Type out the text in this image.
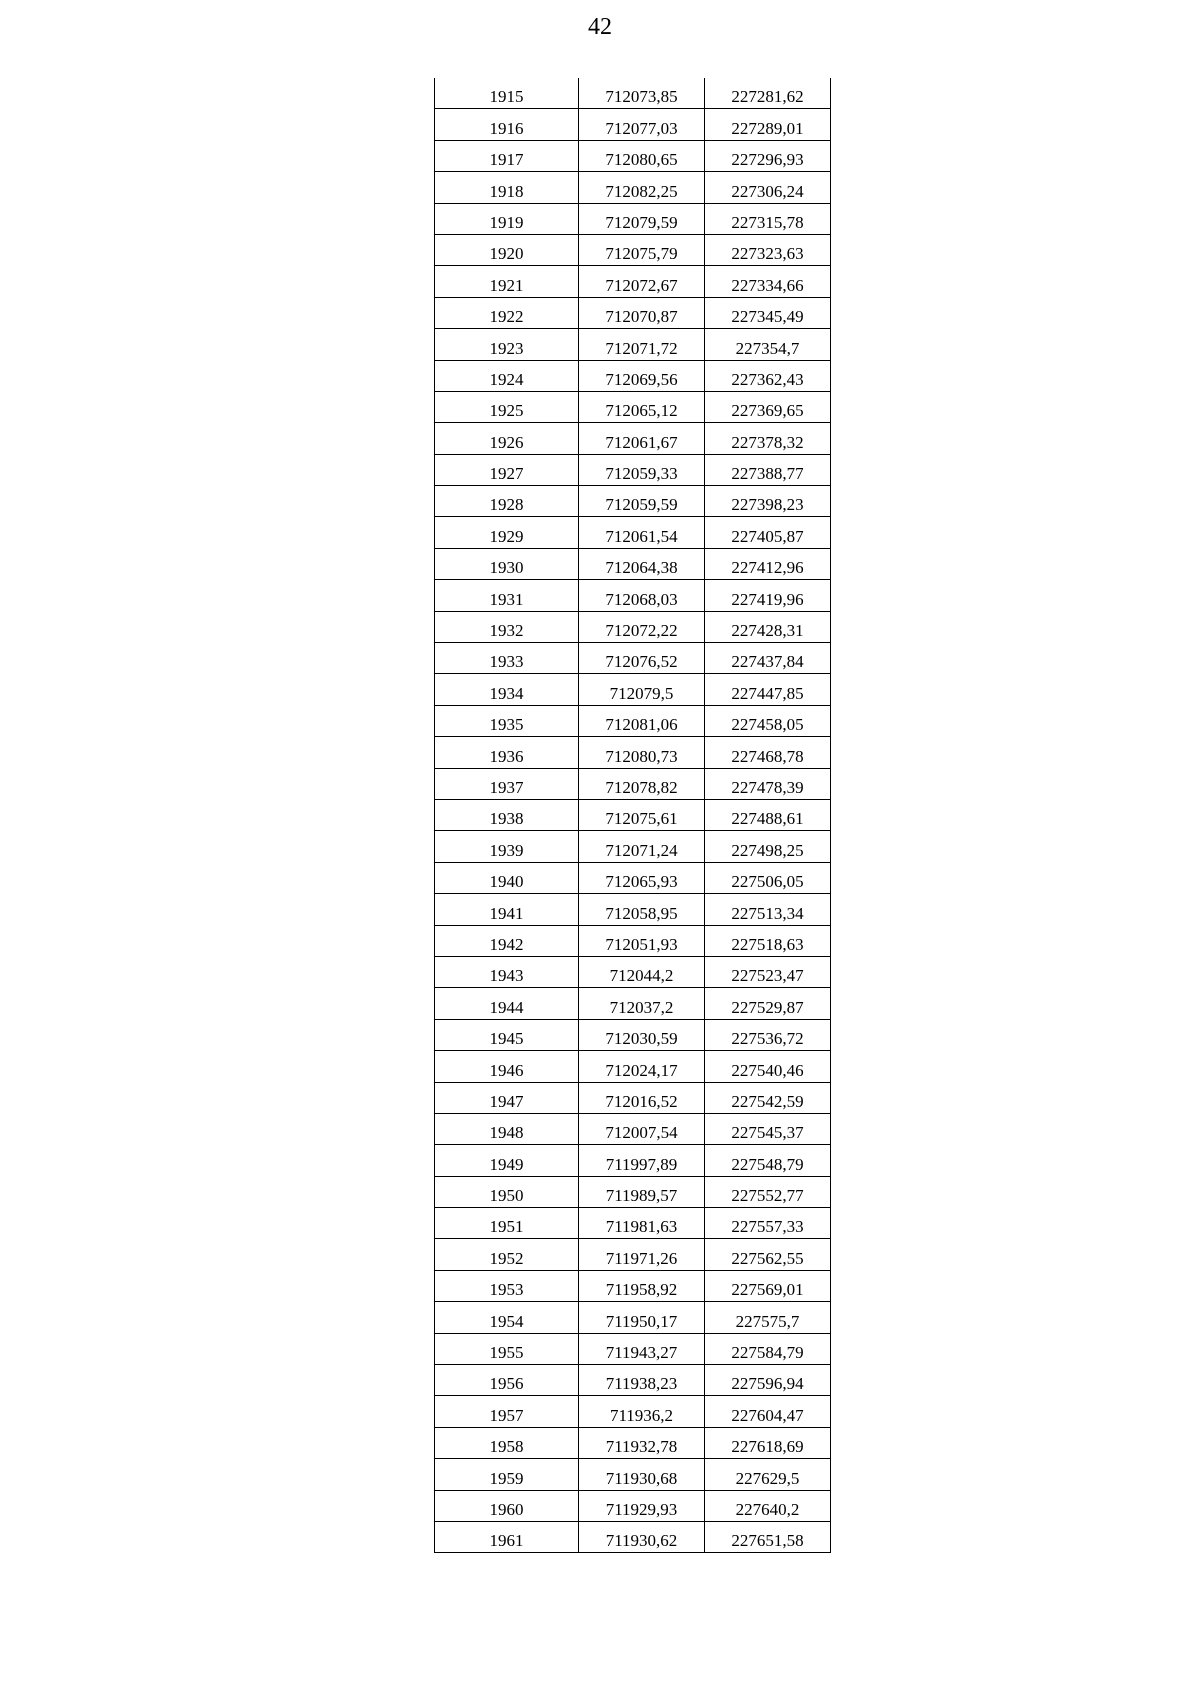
42
1915	712073,85	227281,62
1916	712077,03	227289,01
1917	712080,65	227296,93
1918	712082,25	227306,24
1919	712079,59	227315,78
1920	712075,79	227323,63
1921	712072,67	227334,66
1922	712070,87	227345,49
1923	712071,72	227354,7
1924	712069,56	227362,43
1925	712065,12	227369,65
1926	712061,67	227378,32
1927	712059,33	227388,77
1928	712059,59	227398,23
1929	712061,54	227405,87
1930	712064,38	227412,96
1931	712068,03	227419,96
1932	712072,22	227428,31
1933	712076,52	227437,84
1934	712079,5	227447,85
1935	712081,06	227458,05
1936	712080,73	227468,78
1937	712078,82	227478,39
1938	712075,61	227488,61
1939	712071,24	227498,25
1940	712065,93	227506,05
1941	712058,95	227513,34
1942	712051,93	227518,63
1943	712044,2	227523,47
1944	712037,2	227529,87
1945	712030,59	227536,72
1946	712024,17	227540,46
1947	712016,52	227542,59
1948	712007,54	227545,37
1949	711997,89	227548,79
1950	711989,57	227552,77
1951	711981,63	227557,33
1952	711971,26	227562,55
1953	711958,92	227569,01
1954	711950,17	227575,7
1955	711943,27	227584,79
1956	711938,23	227596,94
1957	711936,2	227604,47
1958	711932,78	227618,69
1959	711930,68	227629,5
1960	711929,93	227640,2
1961	711930,62	227651,58
